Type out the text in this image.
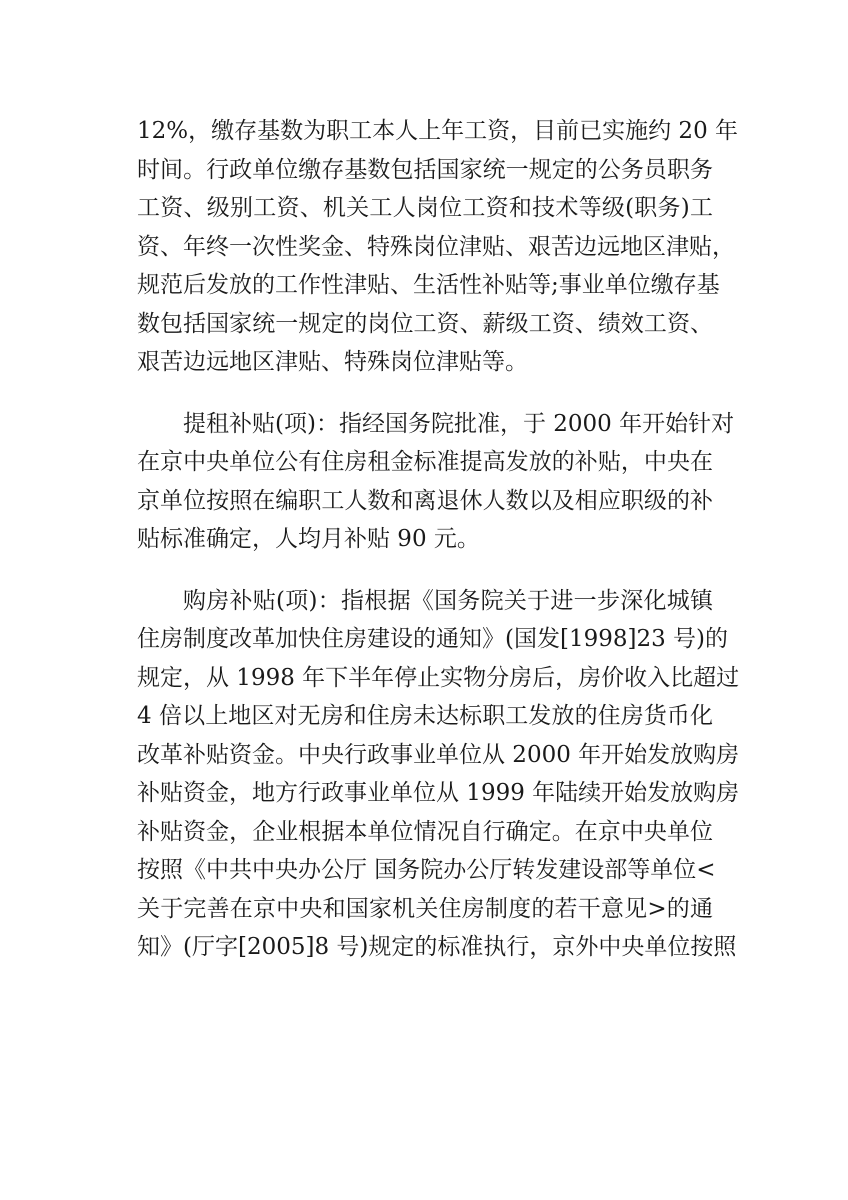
12%，缴存基数为职工本人上年工资，目前已实施约 20 年
时间。行政单位缴存基数包括国家统一规定的公务员职务
工资、级别工资、机关工人岗位工资和技术等级(职务)工
资、年终一次性奖金、特殊岗位津贴、艰苦边远地区津贴，
规范后发放的工作性津贴、生活性补贴等;事业单位缴存基
数包括国家统一规定的岗位工资、薪级工资、绩效工资、
艰苦边远地区津贴、特殊岗位津贴等。
提租补贴(项)：指经国务院批准，于 2000 年开始针对
在京中央单位公有住房租金标准提高发放的补贴，中央在
京单位按照在编职工人数和离退休人数以及相应职级的补
贴标准确定，人均月补贴 90 元。
购房补贴(项)：指根据《国务院关于进一步深化城镇
住房制度改革加快住房建设的通知》(国发[1998]23 号)的
规定，从 1998 年下半年停止实物分房后，房价收入比超过
4 倍以上地区对无房和住房未达标职工发放的住房货币化
改革补贴资金。中央行政事业单位从 2000 年开始发放购房
补贴资金，地方行政事业单位从 1999 年陆续开始发放购房
补贴资金，企业根据本单位情况自行确定。在京中央单位
按照《中共中央办公厅 国务院办公厅转发建设部等单位<
关于完善在京中央和国家机关住房制度的若干意见>的通
知》(厅字[2005]8 号)规定的标准执行，京外中央单位按照
